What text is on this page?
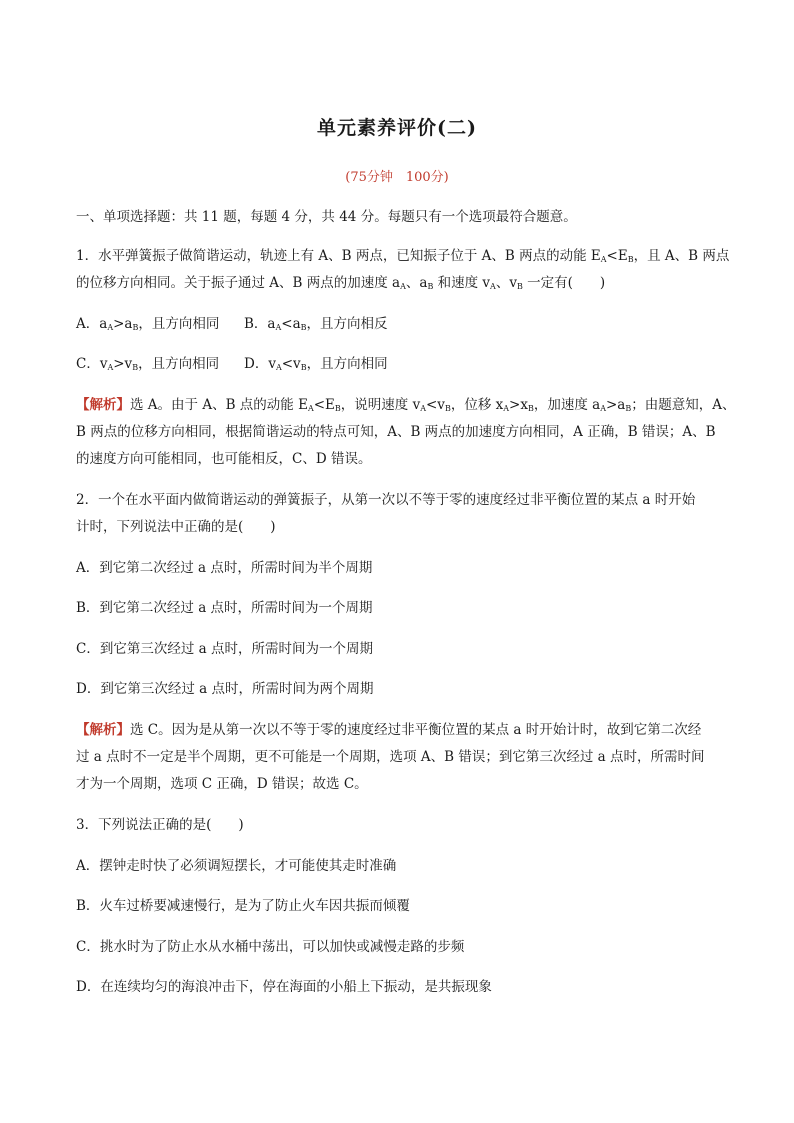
单元素养评价(二)
(75分钟　100分)
一、单项选择题：共 11 题，每题 4 分，共 44 分。每题只有一个选项最符合题意。
1．水平弹簧振子做简谐运动，轨迹上有 A、B 两点，已知振子位于 A、B 两点的动能 $E_A<E_B$，且 A、B 两点
的位移方向相同。关于振子通过 A、B 两点的加速度 $a_A$、$a_B$ 和速度 $v_A$、$v_B$ 一定有(　　)
A．$a_A>a_B$，且方向相同	B．$a_A<a_B$，且方向相反
C．$v_A>v_B$，且方向相同	D．$v_A<v_B$，且方向相同
【解析】选 A。由于 A、B 点的动能 $E_A<E_B$，说明速度 $v_A<v_B$，位移 $x_A>x_B$，加速度 $a_A>a_B$；由题意知，A、
B 两点的位移方向相同，根据简谐运动的特点可知，A、B 两点的加速度方向相同，A 正确，B 错误；A、B
的速度方向可能相同，也可能相反，C、D 错误。
2．一个在水平面内做简谐运动的弹簧振子，从第一次以不等于零的速度经过非平衡位置的某点 a 时开始
计时，下列说法中正确的是(　　)
A．到它第二次经过 a 点时，所需时间为半个周期
B．到它第二次经过 a 点时，所需时间为一个周期
C．到它第三次经过 a 点时，所需时间为一个周期
D．到它第三次经过 a 点时，所需时间为两个周期
【解析】选 C。因为是从第一次以不等于零的速度经过非平衡位置的某点 a 时开始计时，故到它第二次经
过 a 点时不一定是半个周期，更不可能是一个周期，选项 A、B 错误；到它第三次经过 a 点时，所需时间
才为一个周期，选项 C 正确，D 错误；故选 C。
3．下列说法正确的是(　　)
A．摆钟走时快了必须调短摆长，才可能使其走时准确
B．火车过桥要减速慢行，是为了防止火车因共振而倾覆
C．挑水时为了防止水从水桶中荡出，可以加快或减慢走路的步频
D．在连续均匀的海浪冲击下，停在海面的小船上下振动，是共振现象
